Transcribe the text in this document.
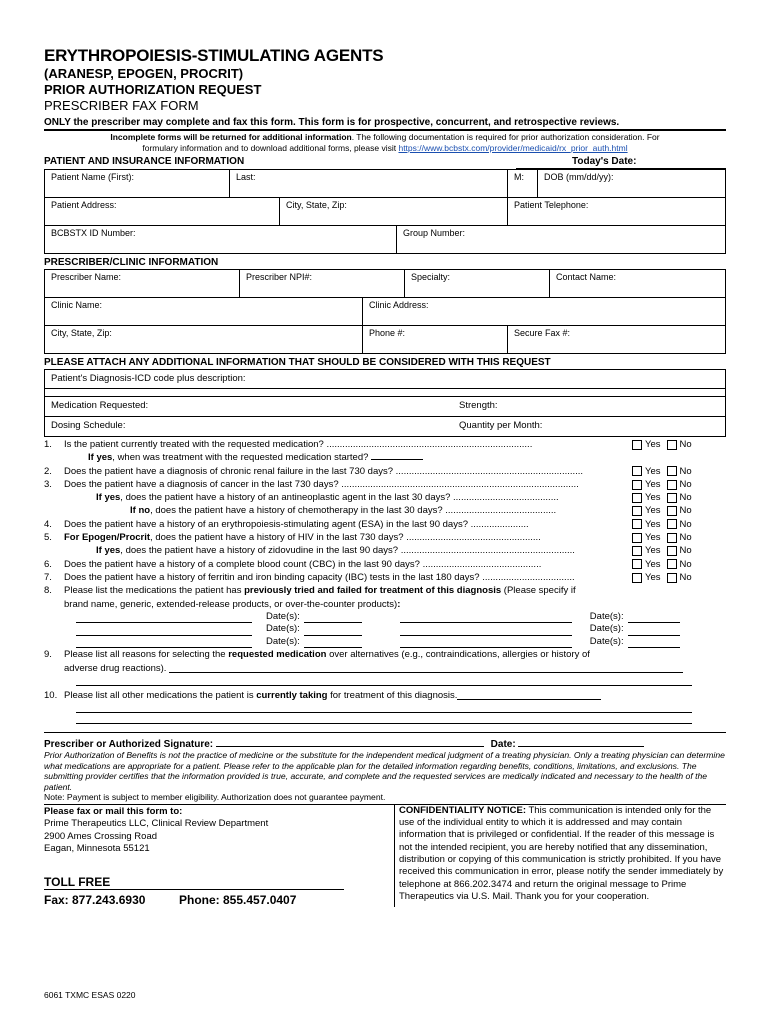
ERYTHROPOIESIS-STIMULATING AGENTS
(ARANESP, EPOGEN, PROCRIT)
PRIOR AUTHORIZATION REQUEST
PRESCRIBER FAX FORM
ONLY the prescriber may complete and fax this form. This form is for prospective, concurrent, and retrospective reviews.
Incomplete forms will be returned for additional information. The following documentation is required for prior authorization consideration. For
formulary information and to download additional forms, please visit https://www.bcbstx.com/provider/medicaid/rx_prior_auth.html
PATIENT AND INSURANCE INFORMATION	Today's Date:
Patient Name (First):	Last:	M:	DOB (mm/dd/yy):
Patient Address:	City, State, Zip:	Patient Telephone:
BCBSTX ID Number:	Group Number:
PRESCRIBER/CLINIC INFORMATION
Prescriber Name:	Prescriber NPI#:	Specialty:	Contact Name:
Clinic Name:	Clinic Address:
City, State, Zip:	Phone #:	Secure Fax #:
PLEASE ATTACH ANY ADDITIONAL INFORMATION THAT SHOULD BE CONSIDERED WITH THIS REQUEST
Patient's Diagnosis-ICD code plus description:
Medication Requested:	Strength:
Dosing Schedule:	Quantity per Month:
1.	Is the patient currently treated with the requested medication? ..............................................................................	Yes No
If yes, when was treatment with the requested medication started?
2.	Does the patient have a diagnosis of chronic renal failure in the last 730 days? .......................................................................	Yes No
3.	Does the patient have a diagnosis of cancer in the last 730 days? ..........................................................................................	Yes No
If yes, does the patient have a history of an antineoplastic agent in the last 30 days? ........................................	Yes No
If no, does the patient have a history of chemotherapy in the last 30 days? ..........................................	Yes No
4.	Does the patient have a history of an erythropoiesis-stimulating agent (ESA) in the last 90 days? ......................	Yes No
5.	For Epogen/Procrit, does the patient have a history of HIV in the last 730 days? ...................................................	Yes No
If yes, does the patient have a history of zidovudine in the last 90 days? ..................................................................	Yes No
6.	Does the patient have a history of a complete blood count (CBC) in the last 90 days? .............................................	Yes No
7.	Does the patient have a history of ferritin and iron binding capacity (IBC) tests in the last 180 days? ...................................	Yes No
8.	Please list the medications the patient has previously tried and failed for treatment of this diagnosis (Please specify if
brand name, generic, extended-release products, or over-the-counter products):
Date(s):	Date(s):
Date(s):	Date(s):
Date(s):	Date(s):
9.	Please list all reasons for selecting the requested medication over alternatives (e.g., contraindications, allergies or history of
adverse drug reactions).
10. Please list all other medications the patient is currently taking for treatment of this diagnosis.
Prescriber or Authorized Signature:	Date:
Prior Authorization of Benefits is not the practice of medicine or the substitute for the independent medical judgment of a treating physician. Only a treating physician can determine what medications are appropriate for a patient. Please refer to the applicable plan for the detailed information regarding benefits, conditions, limitations, and exclusions. The submitting provider certifies that the information provided is true, accurate, and complete and the requested services are medically indicated and necessary to the health of the patient.
Note: Payment is subject to member eligibility. Authorization does not guarantee payment.
Please fax or mail this form to:
Prime Therapeutics LLC, Clinical Review Department
2900 Ames Crossing Road
Eagan, Minnesota 55121
TOLL FREE
Fax: 877.243.6930	Phone: 855.457.0407
CONFIDENTIALITY NOTICE: This communication is intended only for the use of the individual entity to which it is addressed and may contain information that is privileged or confidential. If the reader of this message is not the intended recipient, you are hereby notified that any dissemination, distribution or copying of this communication is strictly prohibited. If you have received this communication in error, please notify the sender immediately by telephone at 866.202.3474 and return the original message to Prime Therapeutics via U.S. Mail. Thank you for your cooperation.
6061 TXMC ESAS 0220
